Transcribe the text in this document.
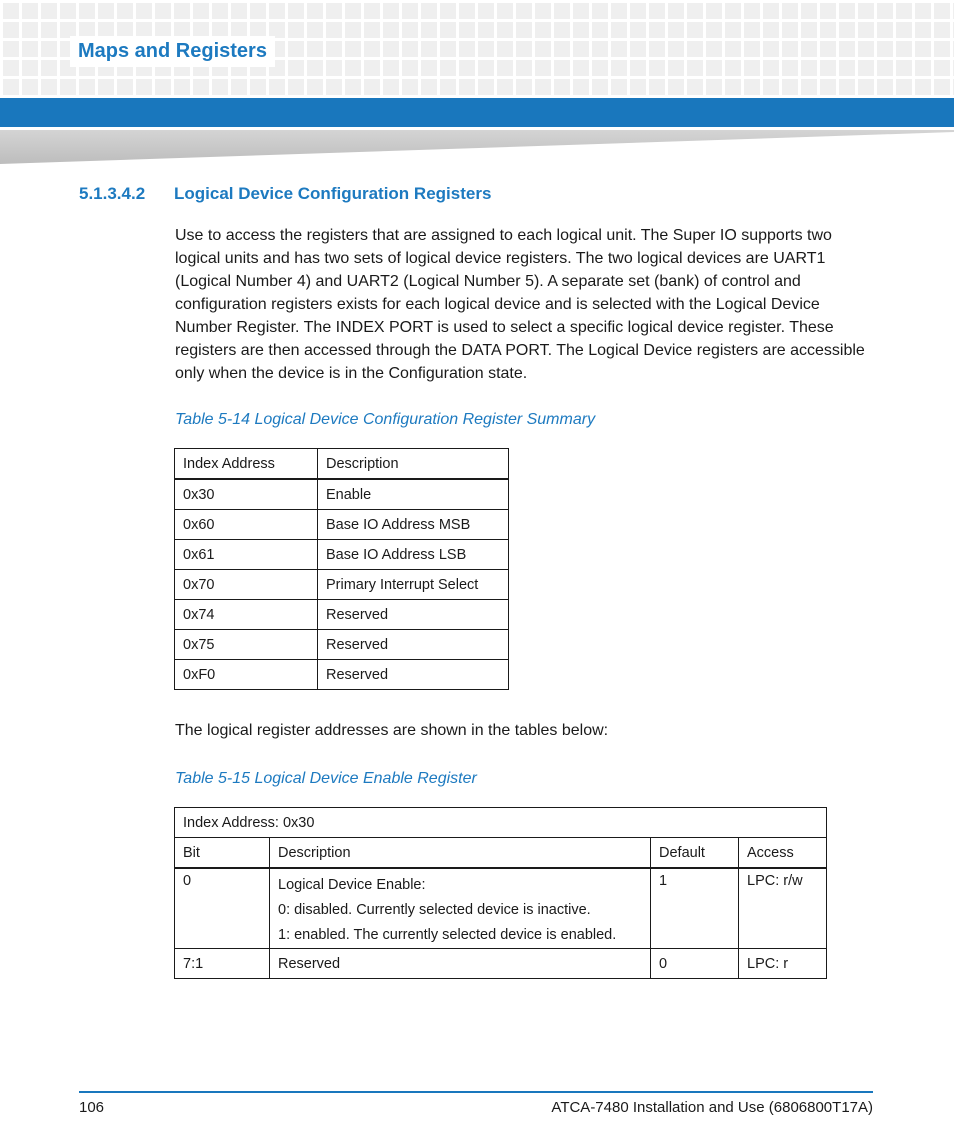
Maps and Registers
5.1.3.4.2 Logical Device Configuration Registers

Use to access the registers that are assigned to each logical unit. The Super IO supports two logical units and has two sets of logical device registers. The two logical devices are UART1 (Logical Number 4) and UART2 (Logical Number 5). A separate set (bank) of control and configuration registers exists for each logical device and is selected with the Logical Device Number Register. The INDEX PORT is used to select a specific logical device register. These registers are then accessed through the DATA PORT. The Logical Device registers are accessible only when the device is in the Configuration state.

Table 5-14 Logical Device Configuration Register Summary
Index Address	Description
0x30	Enable
0x60	Base IO Address MSB
0x61	Base IO Address LSB
0x70	Primary Interrupt Select
0x74	Reserved
0x75	Reserved
0xF0	Reserved

The logical register addresses are shown in the tables below:

Table 5-15 Logical Device Enable Register
Index Address: 0x30			
Bit	Description	Default	Access
0	Logical Device Enable:
0: disabled. Currently selected device is inactive.
1: enabled. The currently selected device is enabled.	1	LPC: r/w
7:1	Reserved	0	LPC: r
106	ATCA-7480 Installation and Use (6806800T17A)
